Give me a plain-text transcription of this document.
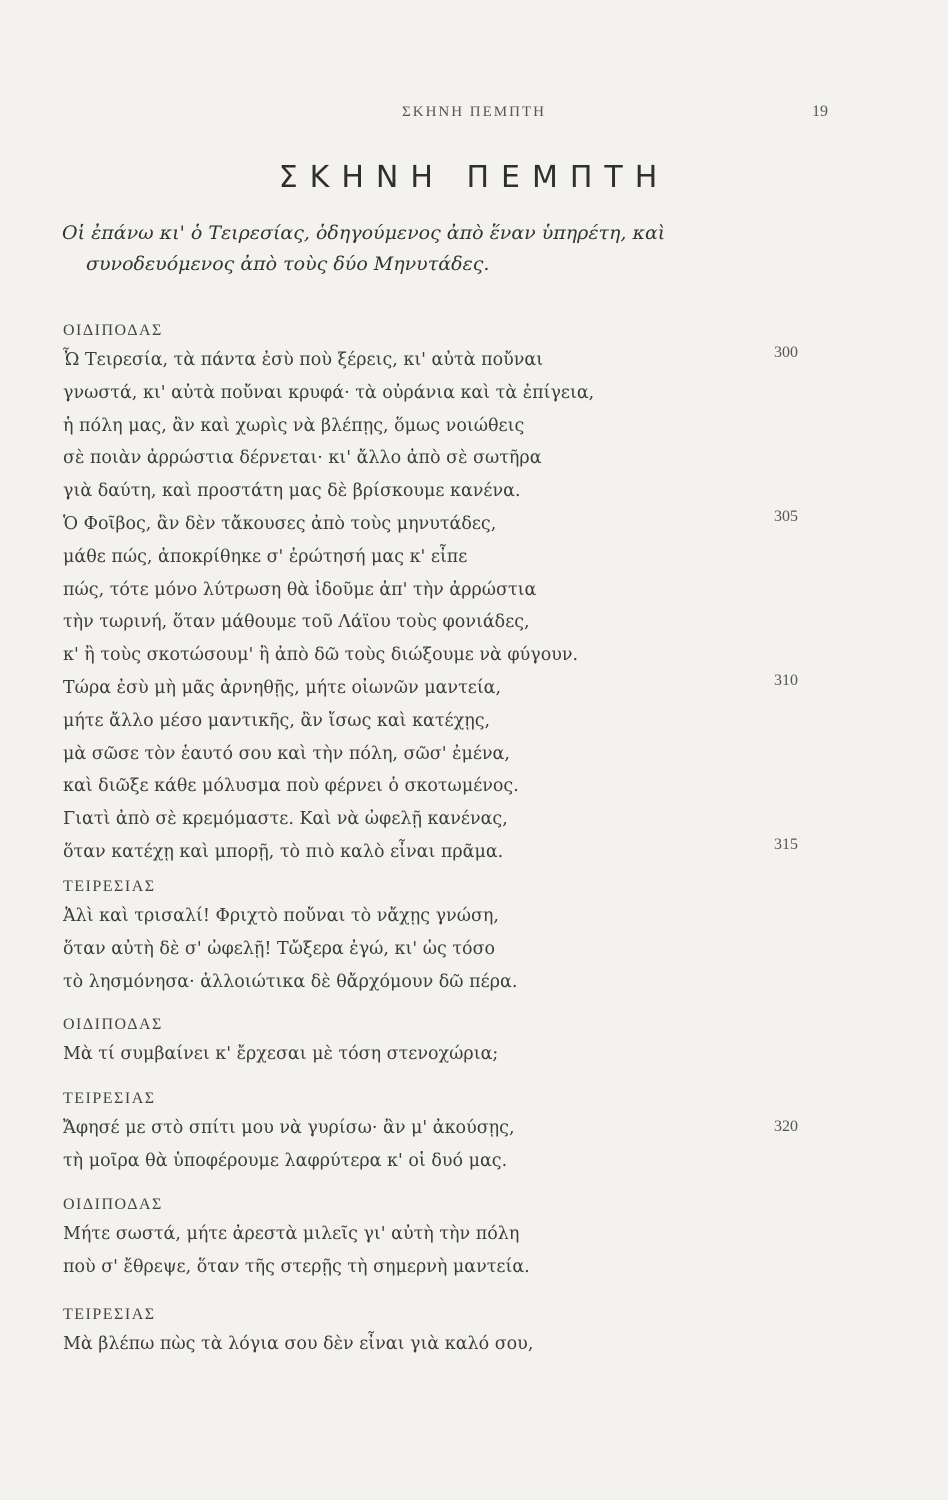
ΣΚΗΝΗ ΠΕΜΠΤΗ	19
ΣΚΗΝΗ ΠΕΜΠΤΗ
Οἱ ἐπάνω κι' ὁ Τειρεσίας, ὁδηγούμενος ἀπὸ ἕναν ὑπηρέτη, καὶ
συνοδευόμενος ἀπὸ τοὺς δύο Μηνυτάδες.
ΟΙΔΙΠΟΔΑΣ
Ὦ Τειρεσία, τὰ πάντα ἐσὺ ποὺ ξέρεις, κι' αὐτὰ ποὔναι
γνωστά, κι' αὐτὰ ποὔναι κρυφά· τὰ οὐράνια καὶ τὰ ἐπίγεια,
ἡ πόλη μας, ἂν καὶ χωρὶς νὰ βλέπῃς, ὅμως νοιώθεις
σὲ ποιὰν ἀρρώστια δέρνεται· κι' ἄλλο ἀπὸ σὲ σωτῆρα
γιὰ δαύτη, καὶ προστάτη μας δὲ βρίσκουμε κανένα.
Ὁ Φοῖβος, ἂν δὲν τἄκουσες ἀπὸ τοὺς μηνυτάδες,
μάθε πώς, ἀποκρίθηκε σ' ἐρώτησή μας κ' εἶπε
πώς, τότε μόνο λύτρωση θὰ ἰδοῦμε ἀπ' τὴν ἀρρώστια
τὴν τωρινή, ὅταν μάθουμε τοῦ Λάϊου τοὺς φονιάδες,
κ' ἢ τοὺς σκοτώσουμ' ἢ ἀπὸ δῶ τοὺς διώξουμε νὰ φύγουν.
Τώρα ἐσὺ μὴ μᾶς ἀρνηθῇς, μήτε οἰωνῶν μαντεία,
μήτε ἄλλο μέσο μαντικῆς, ἂν ἴσως καὶ κατέχῃς,
μὰ σῶσε τὸν ἑαυτό σου καὶ τὴν πόλη, σῶσ' ἐμένα,
καὶ διῶξε κάθε μόλυσμα ποὺ φέρνει ὁ σκοτωμένος.
Γιατὶ ἀπὸ σὲ κρεμόμαστε. Καὶ νὰ ὠφελῇ κανένας,
ὅταν κατέχῃ καὶ μπορῇ, τὸ πιὸ καλὸ εἶναι πρᾶμα.
ΤΕΙΡΕΣΙΑΣ
Ἀλὶ καὶ τρισαλί! Φριχτὸ ποὔναι τὸ νἄχῃς γνώση,
ὅταν αὐτὴ δὲ σ' ὠφελῇ! Τὤξερα ἐγώ, κι' ὡς τόσο
τὸ λησμόνησα· ἀλλοιώτικα δὲ θἄρχόμουν δῶ πέρα.
ΟΙΔΙΠΟΔΑΣ
Μὰ τί συμβαίνει κ' ἔρχεσαι μὲ τόση στενοχώρια;
ΤΕΙΡΕΣΙΑΣ
Ἄφησέ με στὸ σπίτι μου νὰ γυρίσω· ἂν μ' ἀκούσῃς,
τὴ μοῖρα θὰ ὑποφέρουμε λαφρύτερα κ' οἱ δυό μας.
ΟΙΔΙΠΟΔΑΣ
Μήτε σωστά, μήτε ἀρεστὰ μιλεῖς γι' αὐτὴ τὴν πόλη
ποὺ σ' ἔθρεψε, ὅταν τῆς στερῇς τὴ σημερνὴ μαντεία.
ΤΕΙΡΕΣΙΑΣ
Μὰ βλέπω πὼς τὰ λόγια σου δὲν εἶναι γιὰ καλό σου,
300
305
310
315
320
